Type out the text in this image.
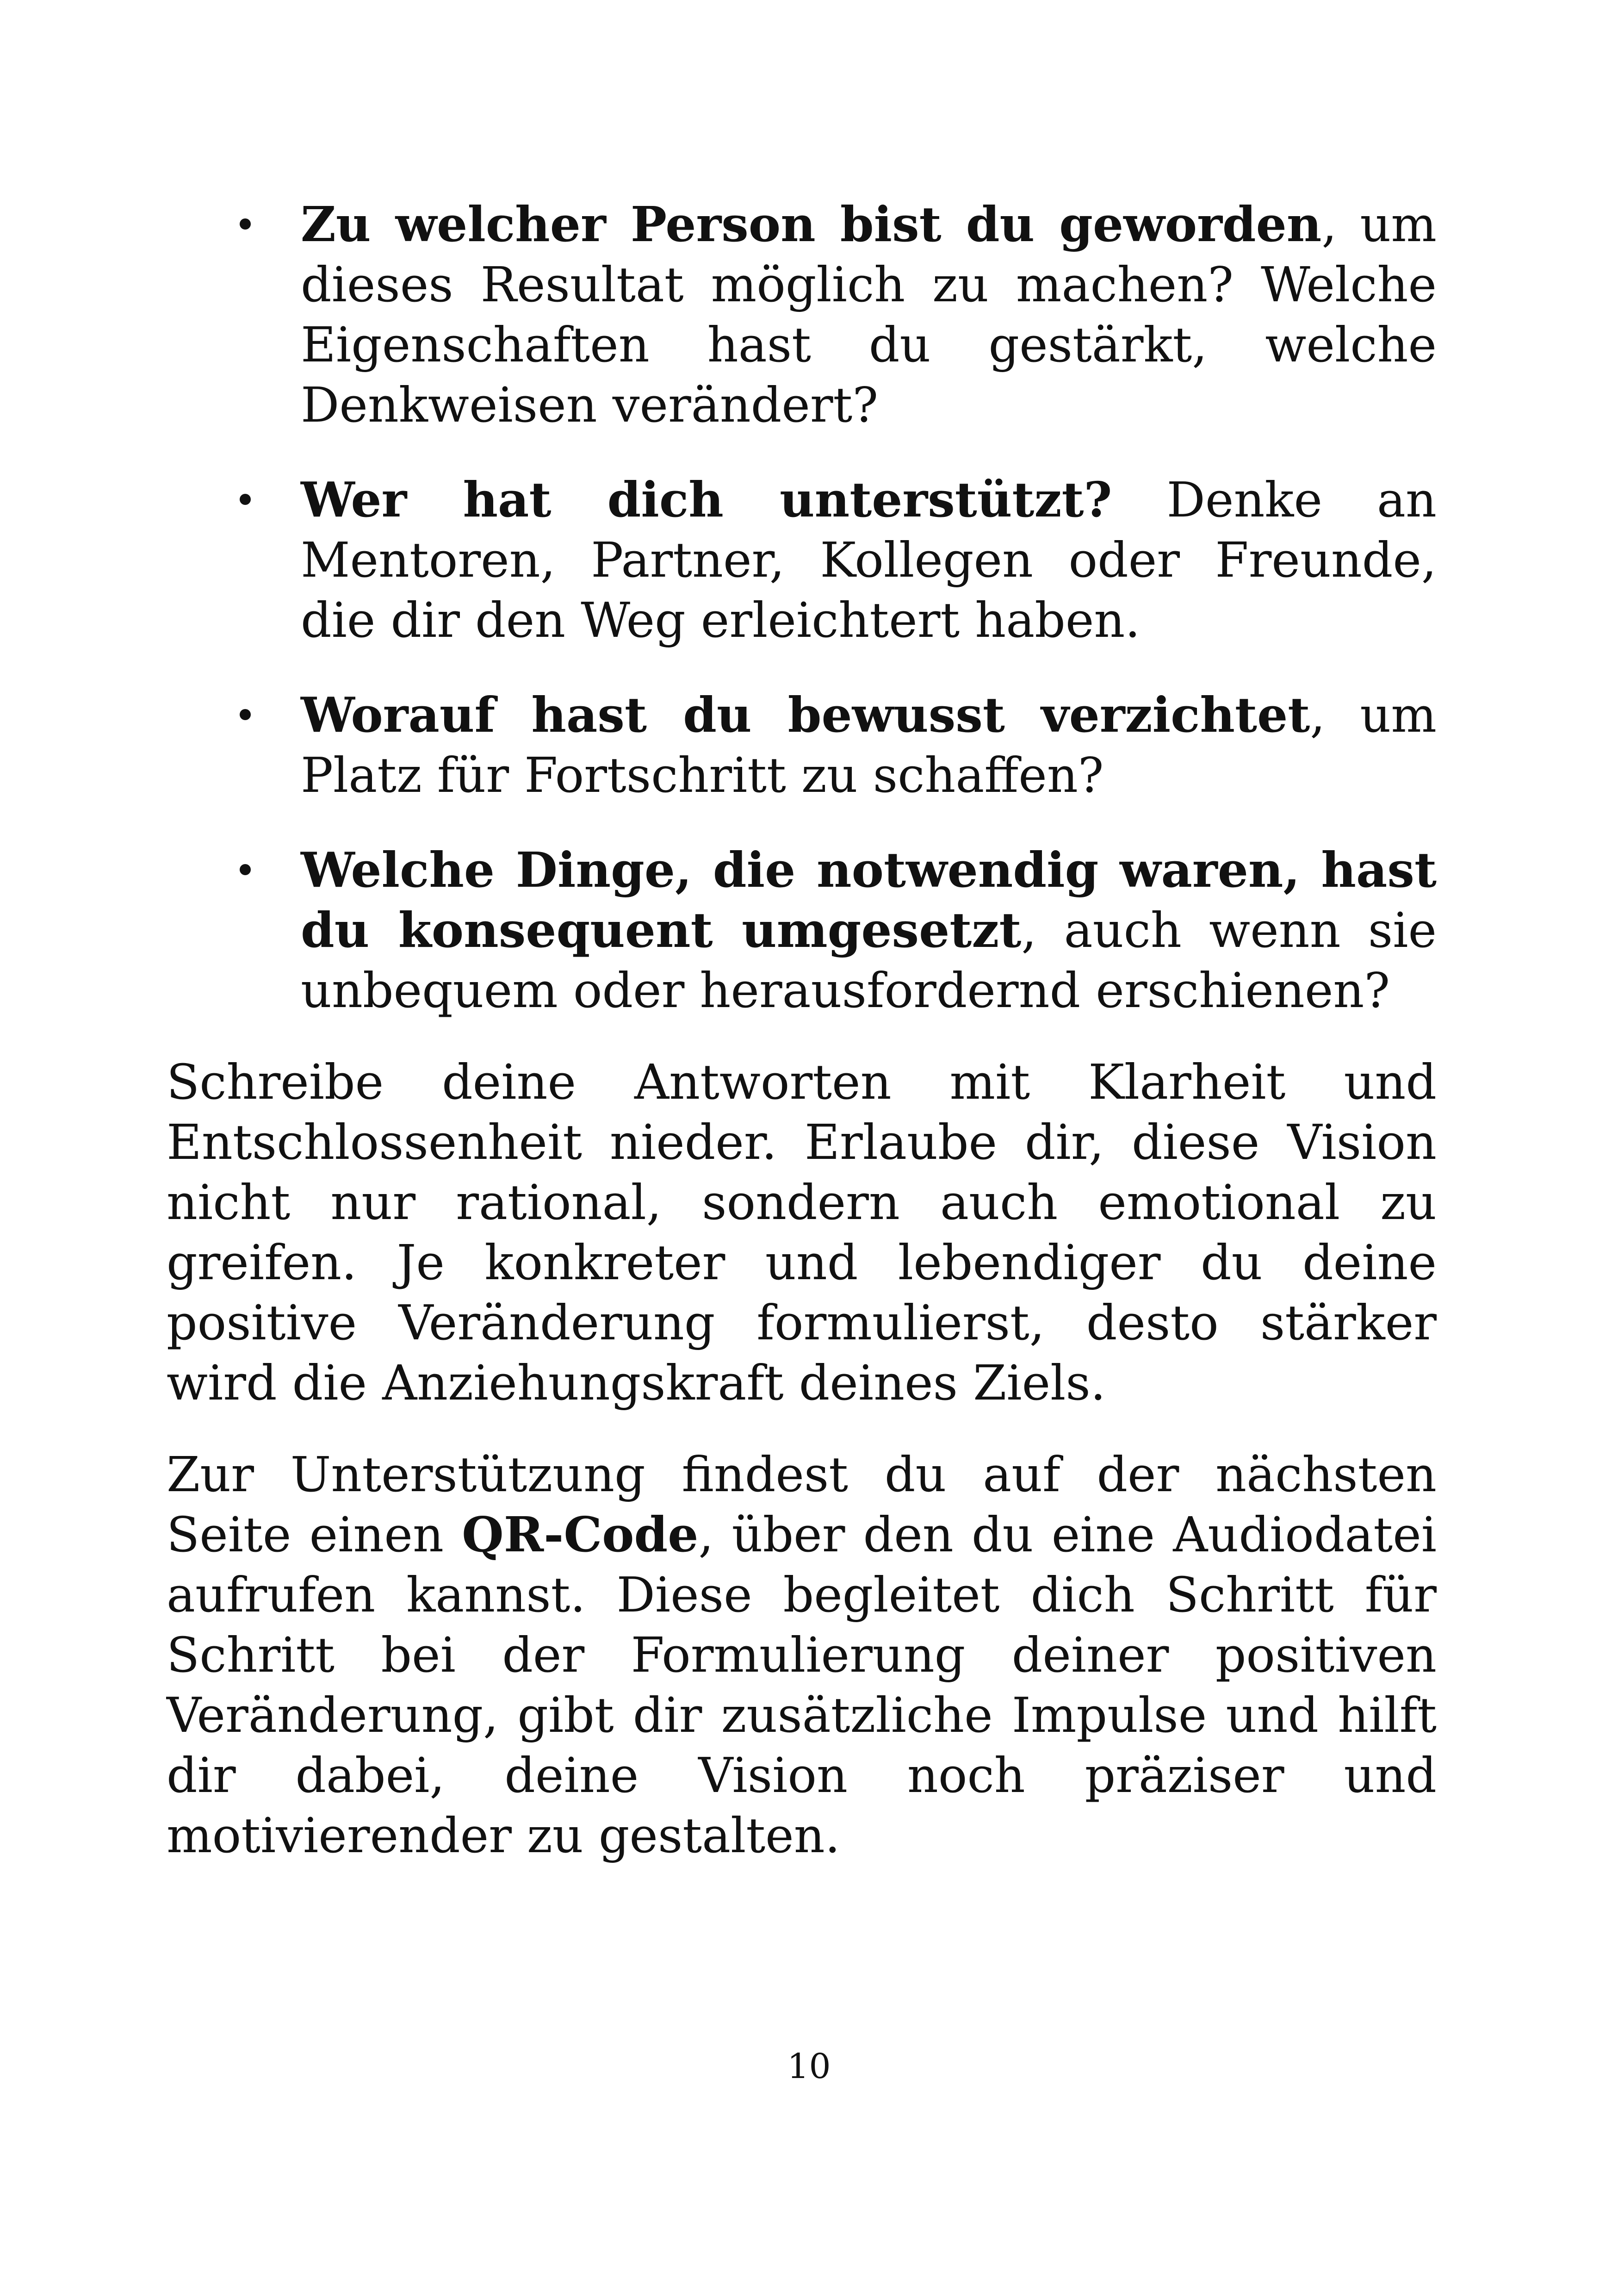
Zu welcher Person bist du geworden, um dieses Resultat möglich zu machen? Welche Eigenschaften hast du gestärkt, welche Denkweisen verändert?
Wer hat dich unterstützt? Denke an Mentoren, Partner, Kollegen oder Freunde, die dir den Weg erleichtert haben.
Worauf hast du bewusst verzichtet, um Platz für Fortschritt zu schaffen?
Welche Dinge, die notwendig waren, hast du konsequent umgesetzt, auch wenn sie unbequem oder herausfordernd erschienen?

Schreibe deine Antworten mit Klarheit und Entschlossenheit nieder. Erlaube dir, diese Vision nicht nur rational, sondern auch emotional zu greifen. Je konkreter und lebendiger du deine positive Veränderung formulierst, desto stärker wird die Anziehungskraft deines Ziels.

Zur Unterstützung findest du auf der nächsten Seite einen QR-Code, über den du eine Audiodatei aufrufen kannst. Diese begleitet dich Schritt für Schritt bei der Formulierung deiner positiven Veränderung, gibt dir zusätzliche Impulse und hilft dir dabei, deine Vision noch präziser und motivierender zu gestalten.

10
